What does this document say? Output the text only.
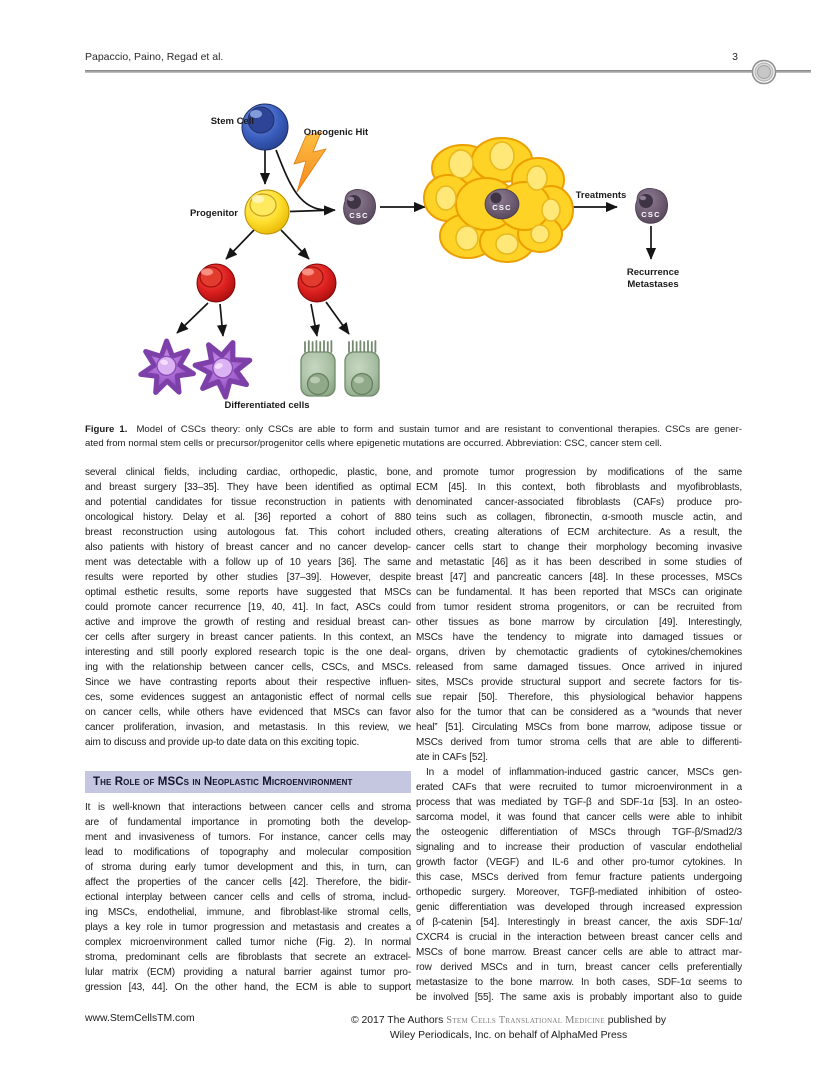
Papaccio, Paino, Regad et al.	3
CSC
CSC
CSC
Stem Cell
Oncogenic Hit
Progenitor
Treatments
Recurrence
Metastases
Differentiated cells
Figure 1. Model of CSCs theory: only CSCs are able to form and sustain tumor and are resistant to conventional therapies. CSCs are gener-
ated from normal stem cells or precursor/progenitor cells where epigenetic mutations are occurred. Abbreviation: CSC, cancer stem cell.
several clinical fields, including cardiac, orthopedic, plastic, bone,
and breast surgery [33–35]. They have been identified as optimal
and potential candidates for tissue reconstruction in patients with
oncological history. Delay et al. [36] reported a cohort of 880
breast reconstruction using autologous fat. This cohort included
also patients with history of breast cancer and no cancer develop-
ment was detectable with a follow up of 10 years [36]. The same
results were reported by other studies [37–39]. However, despite
optimal esthetic results, some reports have suggested that MSCs
could promote cancer recurrence [19, 40, 41]. In fact, ASCs could
active and improve the growth of resting and residual breast can-
cer cells after surgery in breast cancer patients. In this context, an
interesting and still poorly explored research topic is the one deal-
ing with the relationship between cancer cells, CSCs, and MSCs.
Since we have contrasting reports about their respective influen-
ces, some evidences suggest an antagonistic effect of normal cells
on cancer cells, while others have evidenced that MSCs can favor
cancer proliferation, invasion, and metastasis. In this review, we
aim to discuss and provide up-to date data on this exciting topic.
The Role of MSCs in Neoplastic Microenvironment
It is well-known that interactions between cancer cells and stroma
are of fundamental importance in promoting both the develop-
ment and invasiveness of tumors. For instance, cancer cells may
lead to modifications of topography and molecular composition
of stroma during early tumor development and this, in turn, can
affect the properties of the cancer cells [42]. Therefore, the bidir-
ectional interplay between cancer cells and cells of stroma, includ-
ing MSCs, endothelial, immune, and fibroblast-like stromal cells,
plays a key role in tumor progression and metastasis and creates a
complex microenvironment called tumor niche (Fig. 2). In normal
stroma, predominant cells are fibroblasts that secrete an extracel-
lular matrix (ECM) providing a natural barrier against tumor pro-
gression [43, 44]. On the other hand, the ECM is able to support
and promote tumor progression by modifications of the same
ECM [45]. In this context, both fibroblasts and myofibroblasts,
denominated cancer-associated fibroblasts (CAFs) produce pro-
teins such as collagen, fibronectin, α-smooth muscle actin, and
others, creating alterations of ECM architecture. As a result, the
cancer cells start to change their morphology becoming invasive
and metastatic [46] as it has been described in some studies of
breast [47] and pancreatic cancers [48]. In these processes, MSCs
can be fundamental. It has been reported that MSCs can originate
from tumor resident stroma progenitors, or can be recruited from
other tissues as bone marrow by circulation [49]. Interestingly,
MSCs have the tendency to migrate into damaged tissues or
organs, driven by chemotactic gradients of cytokines/chemokines
released from same damaged tissues. Once arrived in injured
sites, MSCs provide structural support and secrete factors for tis-
sue repair [50]. Therefore, this physiological behavior happens
also for the tumor that can be considered as a “wounds that never
heal” [51]. Circulating MSCs from bone marrow, adipose tissue or
MSCs derived from tumor stroma cells that are able to differenti-
ate in CAFs [52].
In a model of inflammation-induced gastric cancer, MSCs gen-
erated CAFs that were recruited to tumor microenvironment in a
process that was mediated by TGF-β and SDF-1α [53]. In an osteo-
sarcoma model, it was found that cancer cells were able to inhibit
the osteogenic differentiation of MSCs through TGF-β/Smad2/3
signaling and to increase their production of vascular endothelial
growth factor (VEGF) and IL-6 and other pro-tumor cytokines. In
this case, MSCs derived from femur fracture patients undergoing
orthopedic surgery. Moreover, TGFβ-mediated inhibition of osteo-
genic differentiation was developed through increased expression
of β-catenin [54]. Interestingly in breast cancer, the axis SDF-1α/
CXCR4 is crucial in the interaction between breast cancer cells and
MSCs of bone marrow. Breast cancer cells are able to attract mar-
row derived MSCs and in turn, breast cancer cells preferentially
metastasize to the bone marrow. In both cases, SDF-1α seems to
be involved [55]. The same axis is probably important also to guide
www.StemCellsTM.com	© 2017 The Authors Stem Cells Translational Medicine published by
Wiley Periodicals, Inc. on behalf of AlphaMed Press
